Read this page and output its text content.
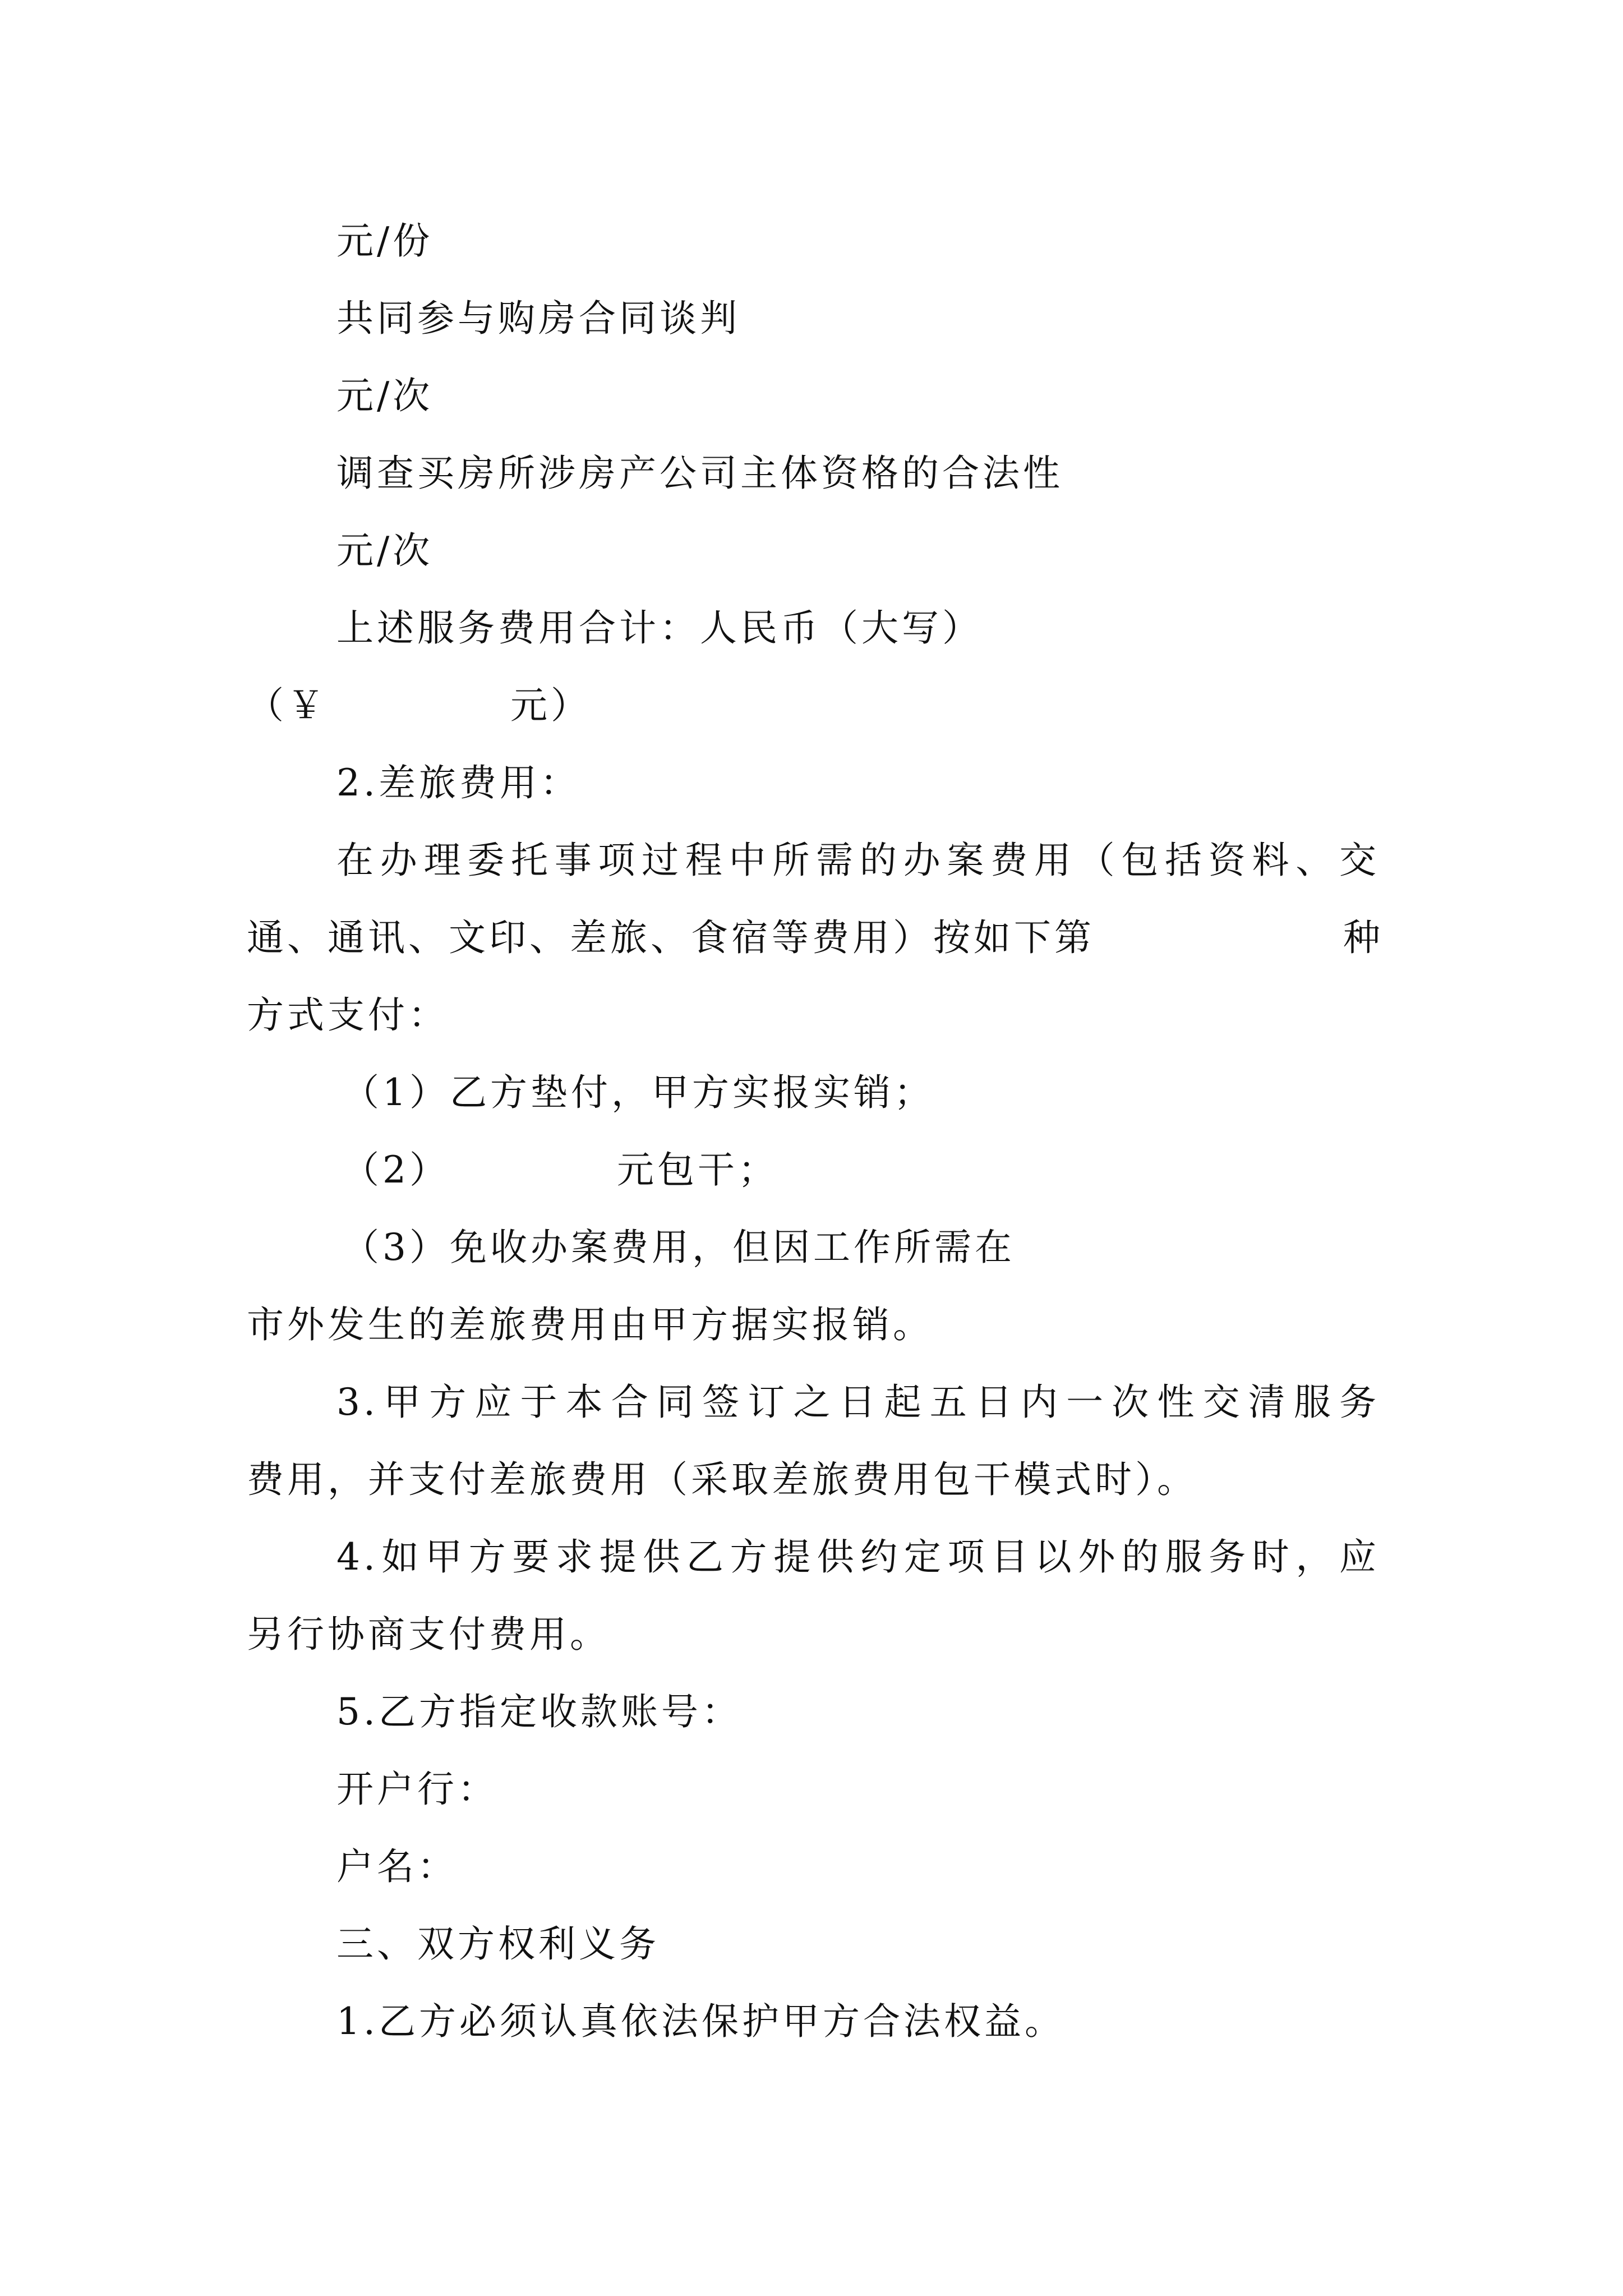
元/份
共同参与购房合同谈判
元/次
调查买房所涉房产公司主体资格的合法性
元/次
上述服务费用合计：人民币（大写）
（￥	元）
2.差旅费用：
在办理委托事项过程中所需的办案费用（包括资料、交
通、通讯、文印、差旅、食宿等费用）按如下第	种
方式支付：
（1）乙方垫付，甲方实报实销；
（2）	元包干；
（3）免收办案费用，但因工作所需在
市外发生的差旅费用由甲方据实报销。
3.甲方应于本合同签订之日起五日内一次性交清服务
费用，并支付差旅费用（采取差旅费用包干模式时）。
4.如甲方要求提供乙方提供约定项目以外的服务时，应
另行协商支付费用。
5.乙方指定收款账号：
开户行：
户名：
三、双方权利义务
1.乙方必须认真依法保护甲方合法权益。
